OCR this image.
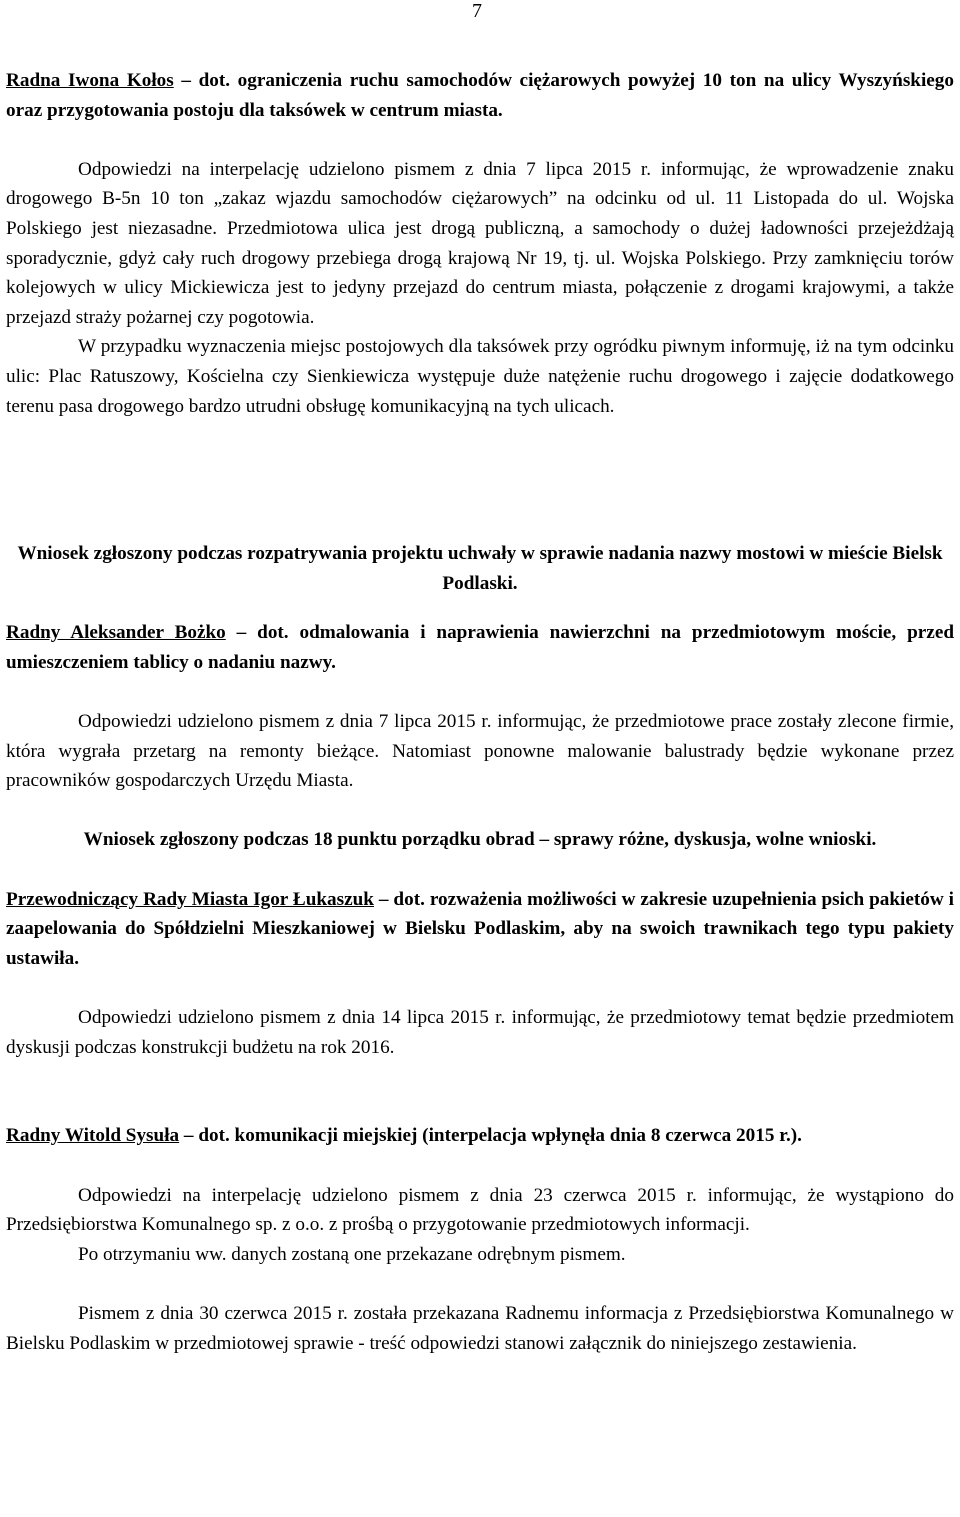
7

Radna Iwona Kołos – dot. ograniczenia ruchu samochodów ciężarowych powyżej 10 ton na ulicy Wyszyńskiego oraz przygotowania postoju dla taksówek w centrum miasta.

Odpowiedzi na interpelację udzielono pismem z dnia 7 lipca 2015 r. informując, że wprowadzenie znaku drogowego B-5n 10 ton „zakaz wjazdu samochodów ciężarowych” na odcinku od ul. 11 Listopada do ul. Wojska Polskiego jest niezasadne. Przedmiotowa ulica jest drogą publiczną, a samochody o dużej ładowności przejeżdżają sporadycznie, gdyż cały ruch drogowy przebiega drogą krajową Nr 19, tj. ul. Wojska Polskiego. Przy zamknięciu torów kolejowych w ulicy Mickiewicza jest to jedyny przejazd do centrum miasta, połączenie z drogami krajowymi, a także przejazd straży pożarnej czy pogotowia.

W przypadku wyznaczenia miejsc postojowych dla taksówek przy ogródku piwnym informuję, iż na tym odcinku ulic: Plac Ratuszowy, Kościelna czy Sienkiewicza występuje duże natężenie ruchu drogowego i zajęcie dodatkowego terenu pasa drogowego bardzo utrudni obsługę komunikacyjną na tych ulicach.

Wniosek zgłoszony podczas rozpatrywania projektu uchwały w sprawie nadania nazwy mostowi w mieście Bielsk Podlaski.

Radny Aleksander Bożko – dot. odmalowania i naprawienia nawierzchni na przedmiotowym moście, przed umieszczeniem tablicy o nadaniu nazwy.

Odpowiedzi udzielono pismem z dnia 7 lipca 2015 r. informując, że przedmiotowe prace zostały zlecone firmie, która wygrała przetarg na remonty bieżące. Natomiast ponowne malowanie balustrady będzie wykonane przez pracowników gospodarczych Urzędu Miasta.

Wniosek zgłoszony podczas 18 punktu porządku obrad – sprawy różne, dyskusja, wolne wnioski.

Przewodniczący Rady Miasta Igor Łukaszuk – dot. rozważenia możliwości w zakresie uzupełnienia psich pakietów i zaapelowania do Spółdzielni Mieszkaniowej w Bielsku Podlaskim, aby na swoich trawnikach tego typu pakiety ustawiła.

Odpowiedzi udzielono pismem z dnia 14 lipca 2015 r. informując, że przedmiotowy temat będzie przedmiotem dyskusji podczas konstrukcji budżetu na rok 2016.

Radny Witold Sysuła – dot. komunikacji miejskiej (interpelacja wpłynęła dnia 8 czerwca 2015 r.).

Odpowiedzi na interpelację udzielono pismem z dnia 23 czerwca 2015 r. informując, że wystąpiono do Przedsiębiorstwa Komunalnego sp. z o.o. z prośbą o przygotowanie przedmiotowych informacji.

Po otrzymaniu ww. danych zostaną one przekazane odrębnym pismem.

Pismem z dnia 30 czerwca 2015 r. została przekazana Radnemu informacja z Przedsiębiorstwa Komunalnego w Bielsku Podlaskim w przedmiotowej sprawie - treść odpowiedzi stanowi załącznik do niniejszego zestawienia.
